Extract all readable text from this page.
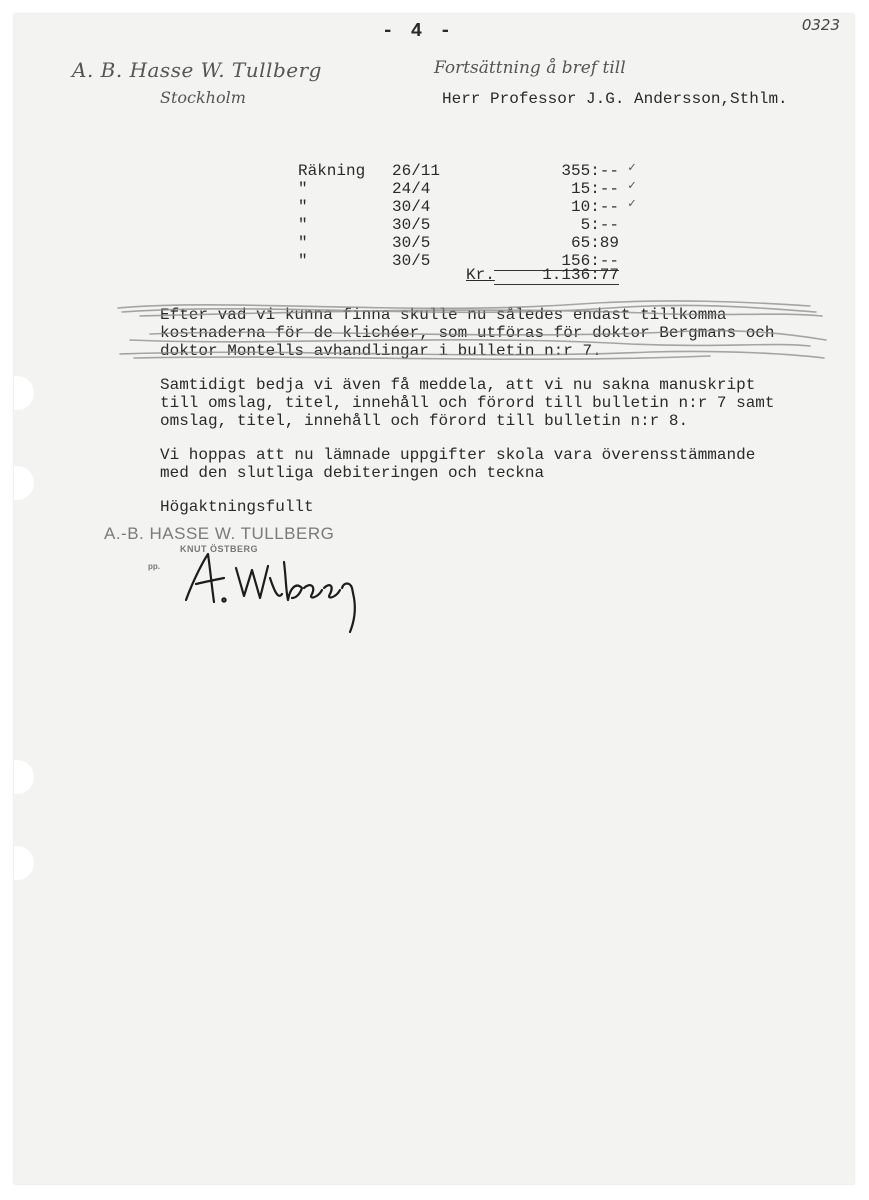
- 4 -	0323
A. B. Hasse W. Tullberg
Stockholm
Fortsättning å bref till
Herr Professor J.G. Andersson,Sthlm.
Räkning 26/11	355:-- ✓
"	24/4	15:-- ✓
"	30/4	10:-- ✓
"	30/5	5:--
"	30/5	65:89
"	30/5	156:--
Kr.	1.136:77
Efter vad vi kunna finna skulle nu således endast tillkomma
kostnaderna för de klichéer, som utföras för doktor Bergmans och
doktor Montells avhandlingar i bulletin n:r 7.
Samtidigt bedja vi även få meddela, att vi nu sakna manuskript
till omslag, titel, innehåll och förord till bulletin n:r 7 samt
omslag, titel, innehåll och förord till bulletin n:r 8.
Vi hoppas att nu lämnade uppgifter skola vara överensstämmande
med den slutliga debiteringen och teckna
Högaktningsfullt
A.-B. HASSE W. TULLBERG
KNUT ÖSTBERG
pp.
